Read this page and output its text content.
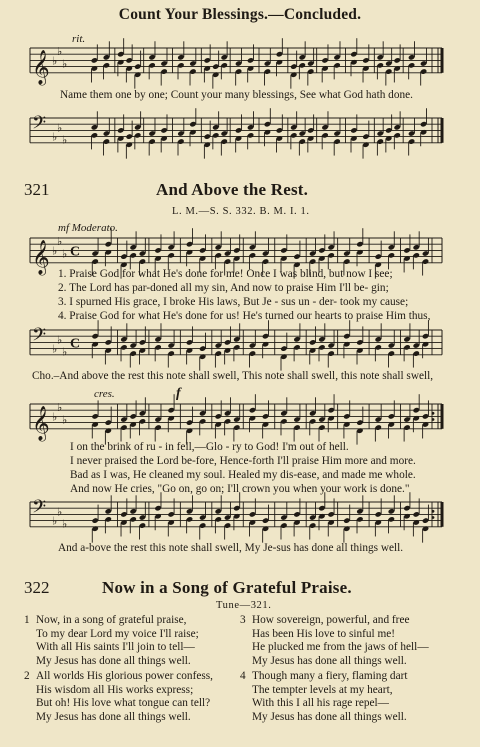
Count Your Blessings.—Concluded.
rit.
𝄞 ♭
♭
♭
Name them one by one; Count your many blessings, See what God hath done.
𝄢
♭
♭
♭
321	And Above the Rest.
L. M.—S. S. 332. B. M. I. 1.
mf Moderato.
𝄞 ♭
♭
♭ C
1. Praise God for what He's done for me! Once I was blind, but now I see;
2. The Lord has par-doned all my sin, And now to praise Him I'll be- gin;
3. I spurned His grace, I broke His laws, But Je - sus un - der- took my cause;
4. Praise God for what He's done for us! He's turned our hearts to praise Him thus,
𝄢
♭
♭
♭
C
Cho.–And above the rest this note shall swell, This note shall swell, this note shall swell,
cres.	f
𝄞 ♭
♭
♭
I on the brink of ru - in fell,—Glo - ry to God! I'm out of hell.
I never praised the Lord be-fore, Hence-forth I'll praise Him more and more.
Bad as I was, He cleaned my soul. Healed my dis-ease, and made me whole.
And now He cries, "Go on, go on; I'll crown you when your work is done."
𝄢
♭
♭
♭
And a-bove the rest this note shall swell, My Je-sus has done all things well.
322	Now in a Song of Grateful Praise.
Tune—321.
1 Now, in a song of grateful praise,
To my dear Lord my voice I'll raise;
With all His saints I'll join to tell—
My Jesus has done all things well.
2 All worlds His glorious power confess,
His wisdom all His works express;
But oh! His love what tongue can tell?
My Jesus has done all things well.
3 How sovereign, powerful, and free
Has been His love to sinful me!
He plucked me from the jaws of hell—
My Jesus has done all things well.
4 Though many a fiery, flaming dart
The tempter levels at my heart,
With this I all his rage repel—
My Jesus has done all things well.
